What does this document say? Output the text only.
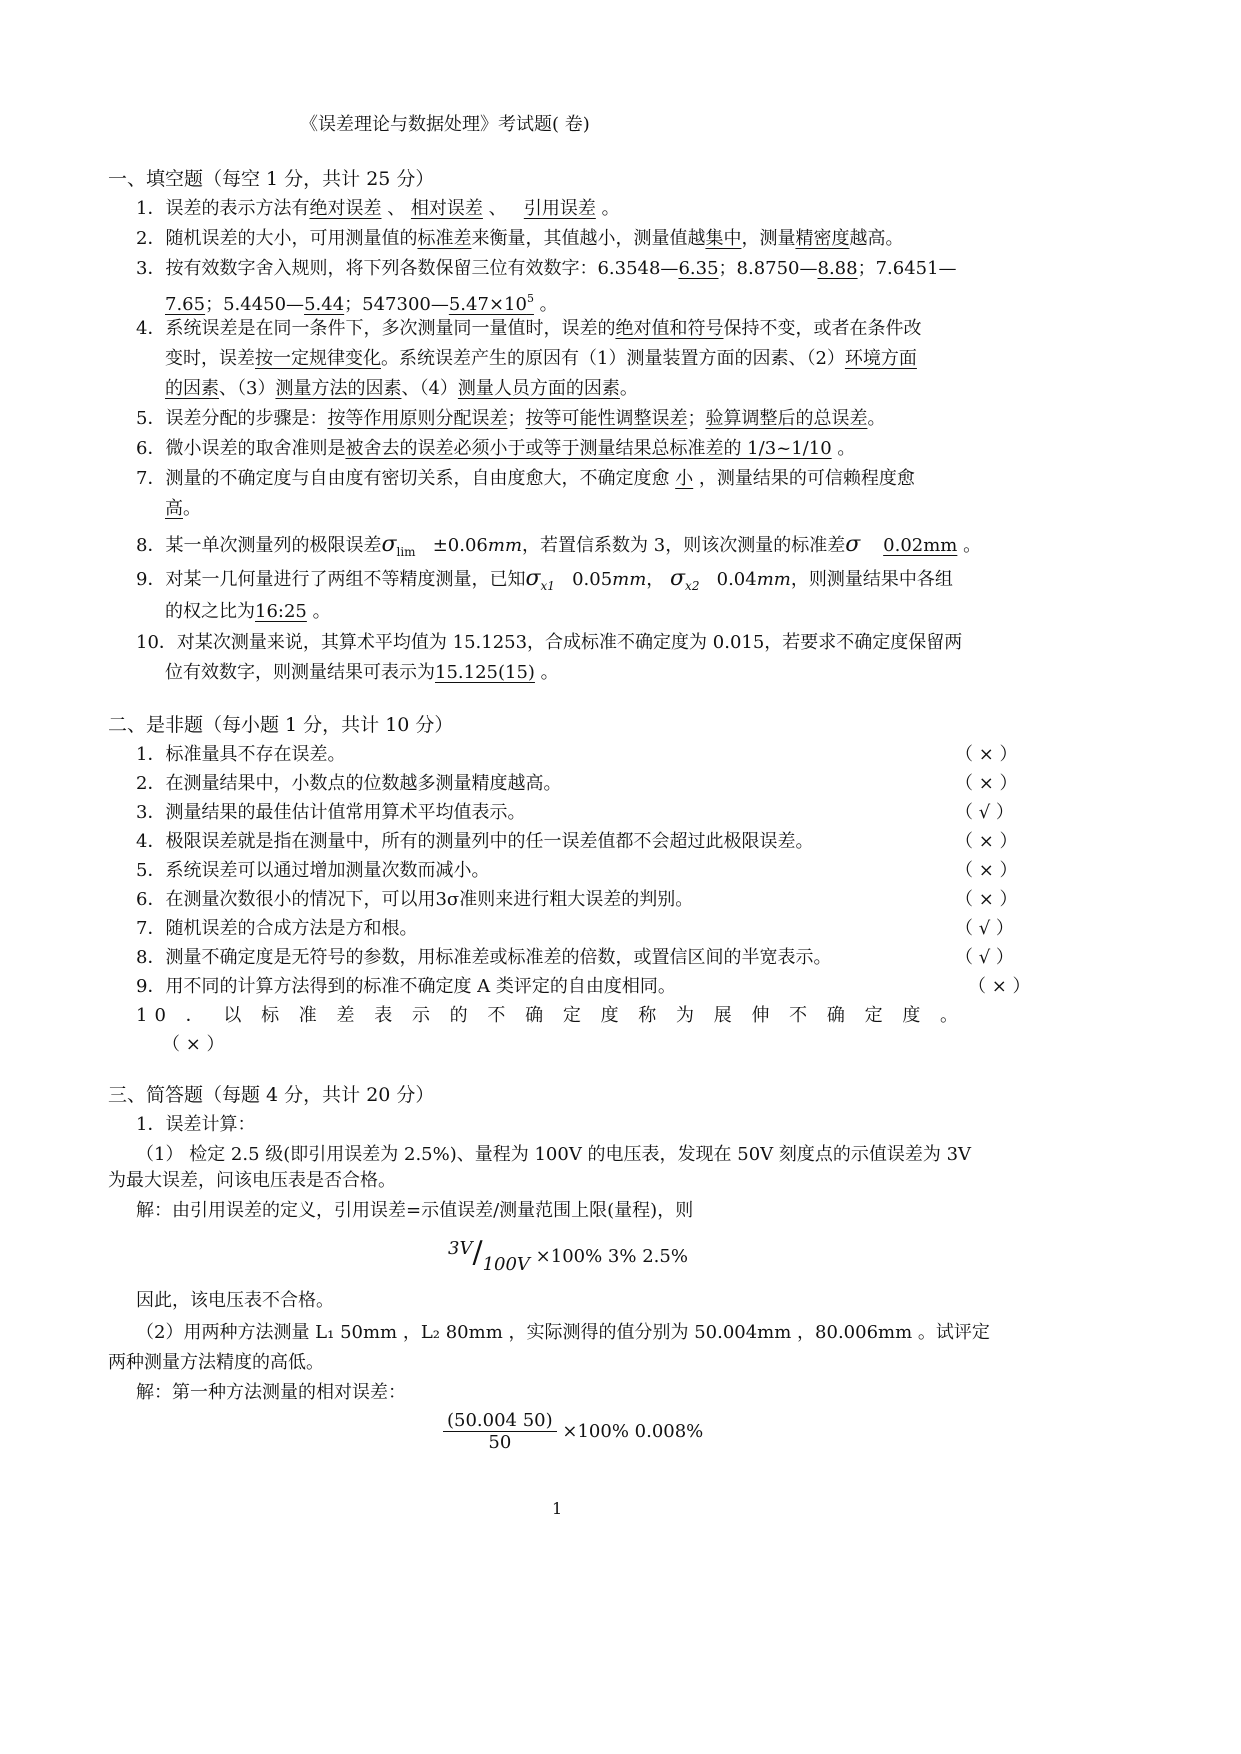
《误差理论与数据处理》考试题( 卷)
一、填空题（每空 1 分，共计 25 分）
1．误差的表示方法有绝对误差 、 相对误差 、 引用误差 。
2．随机误差的大小，可用测量值的标准差来衡量，其值越小，测量值越集中，测量精密度越高。
3．按有效数字舍入规则，将下列各数保留三位有效数字：6.3548—6.35；8.8750—8.88；7.6451—
7.65；5.4450—5.44；$547300—5.47\times 10^5$ 。
4．系统误差是在同一条件下，多次测量同一量值时，误差的绝对值和符号保持不变，或者在条件改
变时，误差按一定规律变化。系统误差产生的原因有（1）测量装置方面的因素、（2）环境方面
的因素、（3）测量方法的因素、（4）测量人员方面的因素。
5．误差分配的步骤是：按等作用原则分配误差；按等可能性调整误差；验算调整后的总误差。
6．微小误差的取舍准则是被舍去的误差必须小于或等于测量结果总标准差的 1/3~1/10 。
7．测量的不确定度与自由度有密切关系，自由度愈大，不确定度愈 小 ，测量结果的可信赖程度愈
高。
8．某一单次测量列的极限误差$\sigma_{lim} \pm 0.06mm$，若置信系数为 3，则该次测量的标准差σ 0.02mm 。
9．对某一几何量进行了两组不等精度测量，已知$\sigma_{x1}$ 0.05mm， $\sigma_{x2}$ 0.04mm，则测量结果中各组
的权之比为16:25 。
10．对某次测量来说，其算术平均值为 15.1253，合成标准不确定度为 0.015，若要求不确定度保留两
位有效数字，则测量结果可表示为15.125(15) 。
二、是非题（每小题 1 分，共计 10 分）
1．标准量具不存在误差。	（ × ）
2．在测量结果中，小数点的位数越多测量精度越高。	（ × ）
3．测量结果的最佳估计值常用算术平均值表示。	（ √ ）
4．极限误差就是指在测量中，所有的测量列中的任一误差值都不会超过此极限误差。	（ × ）
5．系统误差可以通过增加测量次数而减小。	（ × ）
6．在测量次数很小的情况下，可以用3σ准则来进行粗大误差的判别。	（ × ）
7．随机误差的合成方法是方和根。	（ √ ）
8．测量不确定度是无符号的参数，用标准差或标准差的倍数，或置信区间的半宽表示。	（ √ ）
9．用不同的计算方法得到的标准不确定度 A 类评定的自由度相同。	（ × ）
10 ． 以 标 准 差 表 示 的 不 确 定 度 称 为 展 伸 不 确 定 度 。
（ × ）
三、简答题（每题 4 分，共计 20 分）
1．误差计算：
（1） 检定 2.5 级(即引用误差为 2.5%)、量程为 100V 的电压表，发现在 50V 刻度点的示值误差为 3V
为最大误差，问该电压表是否合格。
解：由引用误差的定义，引用误差=示值误差/测量范围上限(量程)，则
3V/100V ×100% 3% 2.5%
因此，该电压表不合格。
（2）用两种方法测量 L₁ 50mm ，L₂ 80mm ，实际测得的值分别为 50.004mm ，80.006mm 。试评定
两种测量方法精度的高低。
解：第一种方法测量的相对误差：
$\frac{(50.004 50)}{50} \times 100\%$ 0.008%
1
